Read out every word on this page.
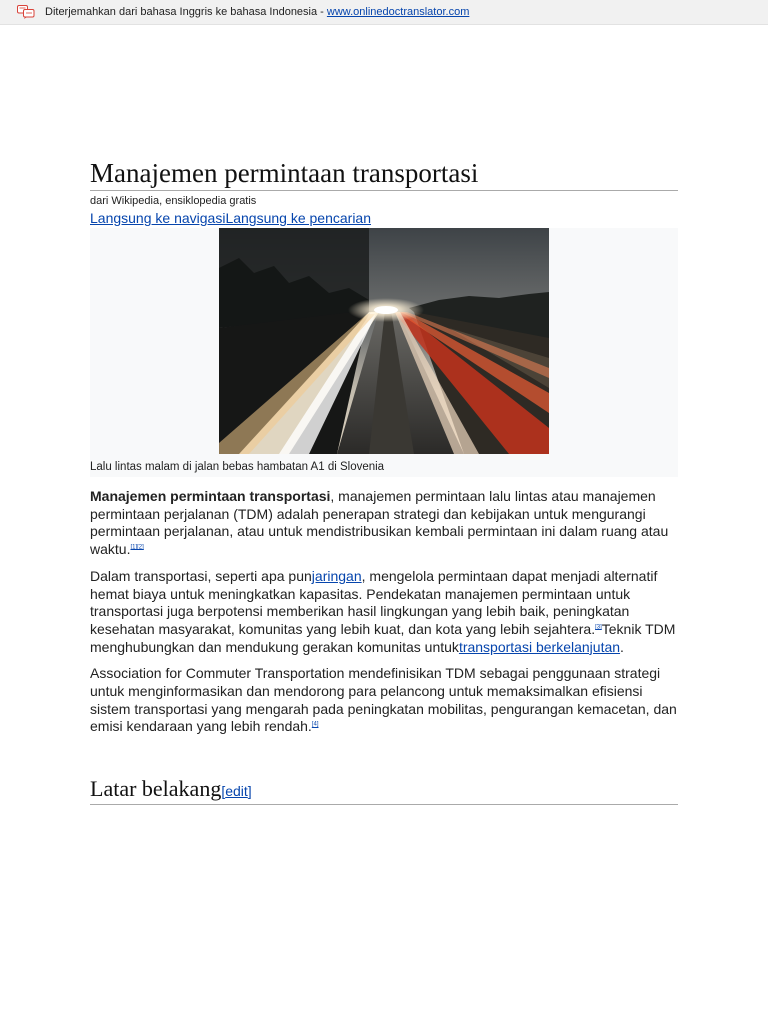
Diterjemahkan dari bahasa Inggris ke bahasa Indonesia - www.onlinedoctranslator.com
Manajemen permintaan transportasi
dari Wikipedia, ensiklopedia gratis
Langsung ke navigasiLangsung ke pencarian
Lalu lintas malam di jalan bebas hambatan A1 di Slovenia

Manajemen permintaan transportasi, manajemen permintaan lalu lintas atau manajemen permintaan perjalanan (TDM) adalah penerapan strategi dan kebijakan untuk mengurangi permintaan perjalanan, atau untuk mendistribusikan kembali permintaan ini dalam ruang atau waktu.[1][2]

Dalam transportasi, seperti apa punjaringan, mengelola permintaan dapat menjadi alternatif hemat biaya untuk meningkatkan kapasitas. Pendekatan manajemen permintaan untuk transportasi juga berpotensi memberikan hasil lingkungan yang lebih baik, peningkatan kesehatan masyarakat, komunitas yang lebih kuat, dan kota yang lebih sejahtera.[3]Teknik TDM menghubungkan dan mendukung gerakan komunitas untuktransportasi berkelanjutan.

Association for Commuter Transportation mendefinisikan TDM sebagai penggunaan strategi untuk menginformasikan dan mendorong para pelancong untuk memaksimalkan efisiensi sistem transportasi yang mengarah pada peningkatan mobilitas, pengurangan kemacetan, dan emisi kendaraan yang lebih rendah.[4]

Latar belakang[edit]
